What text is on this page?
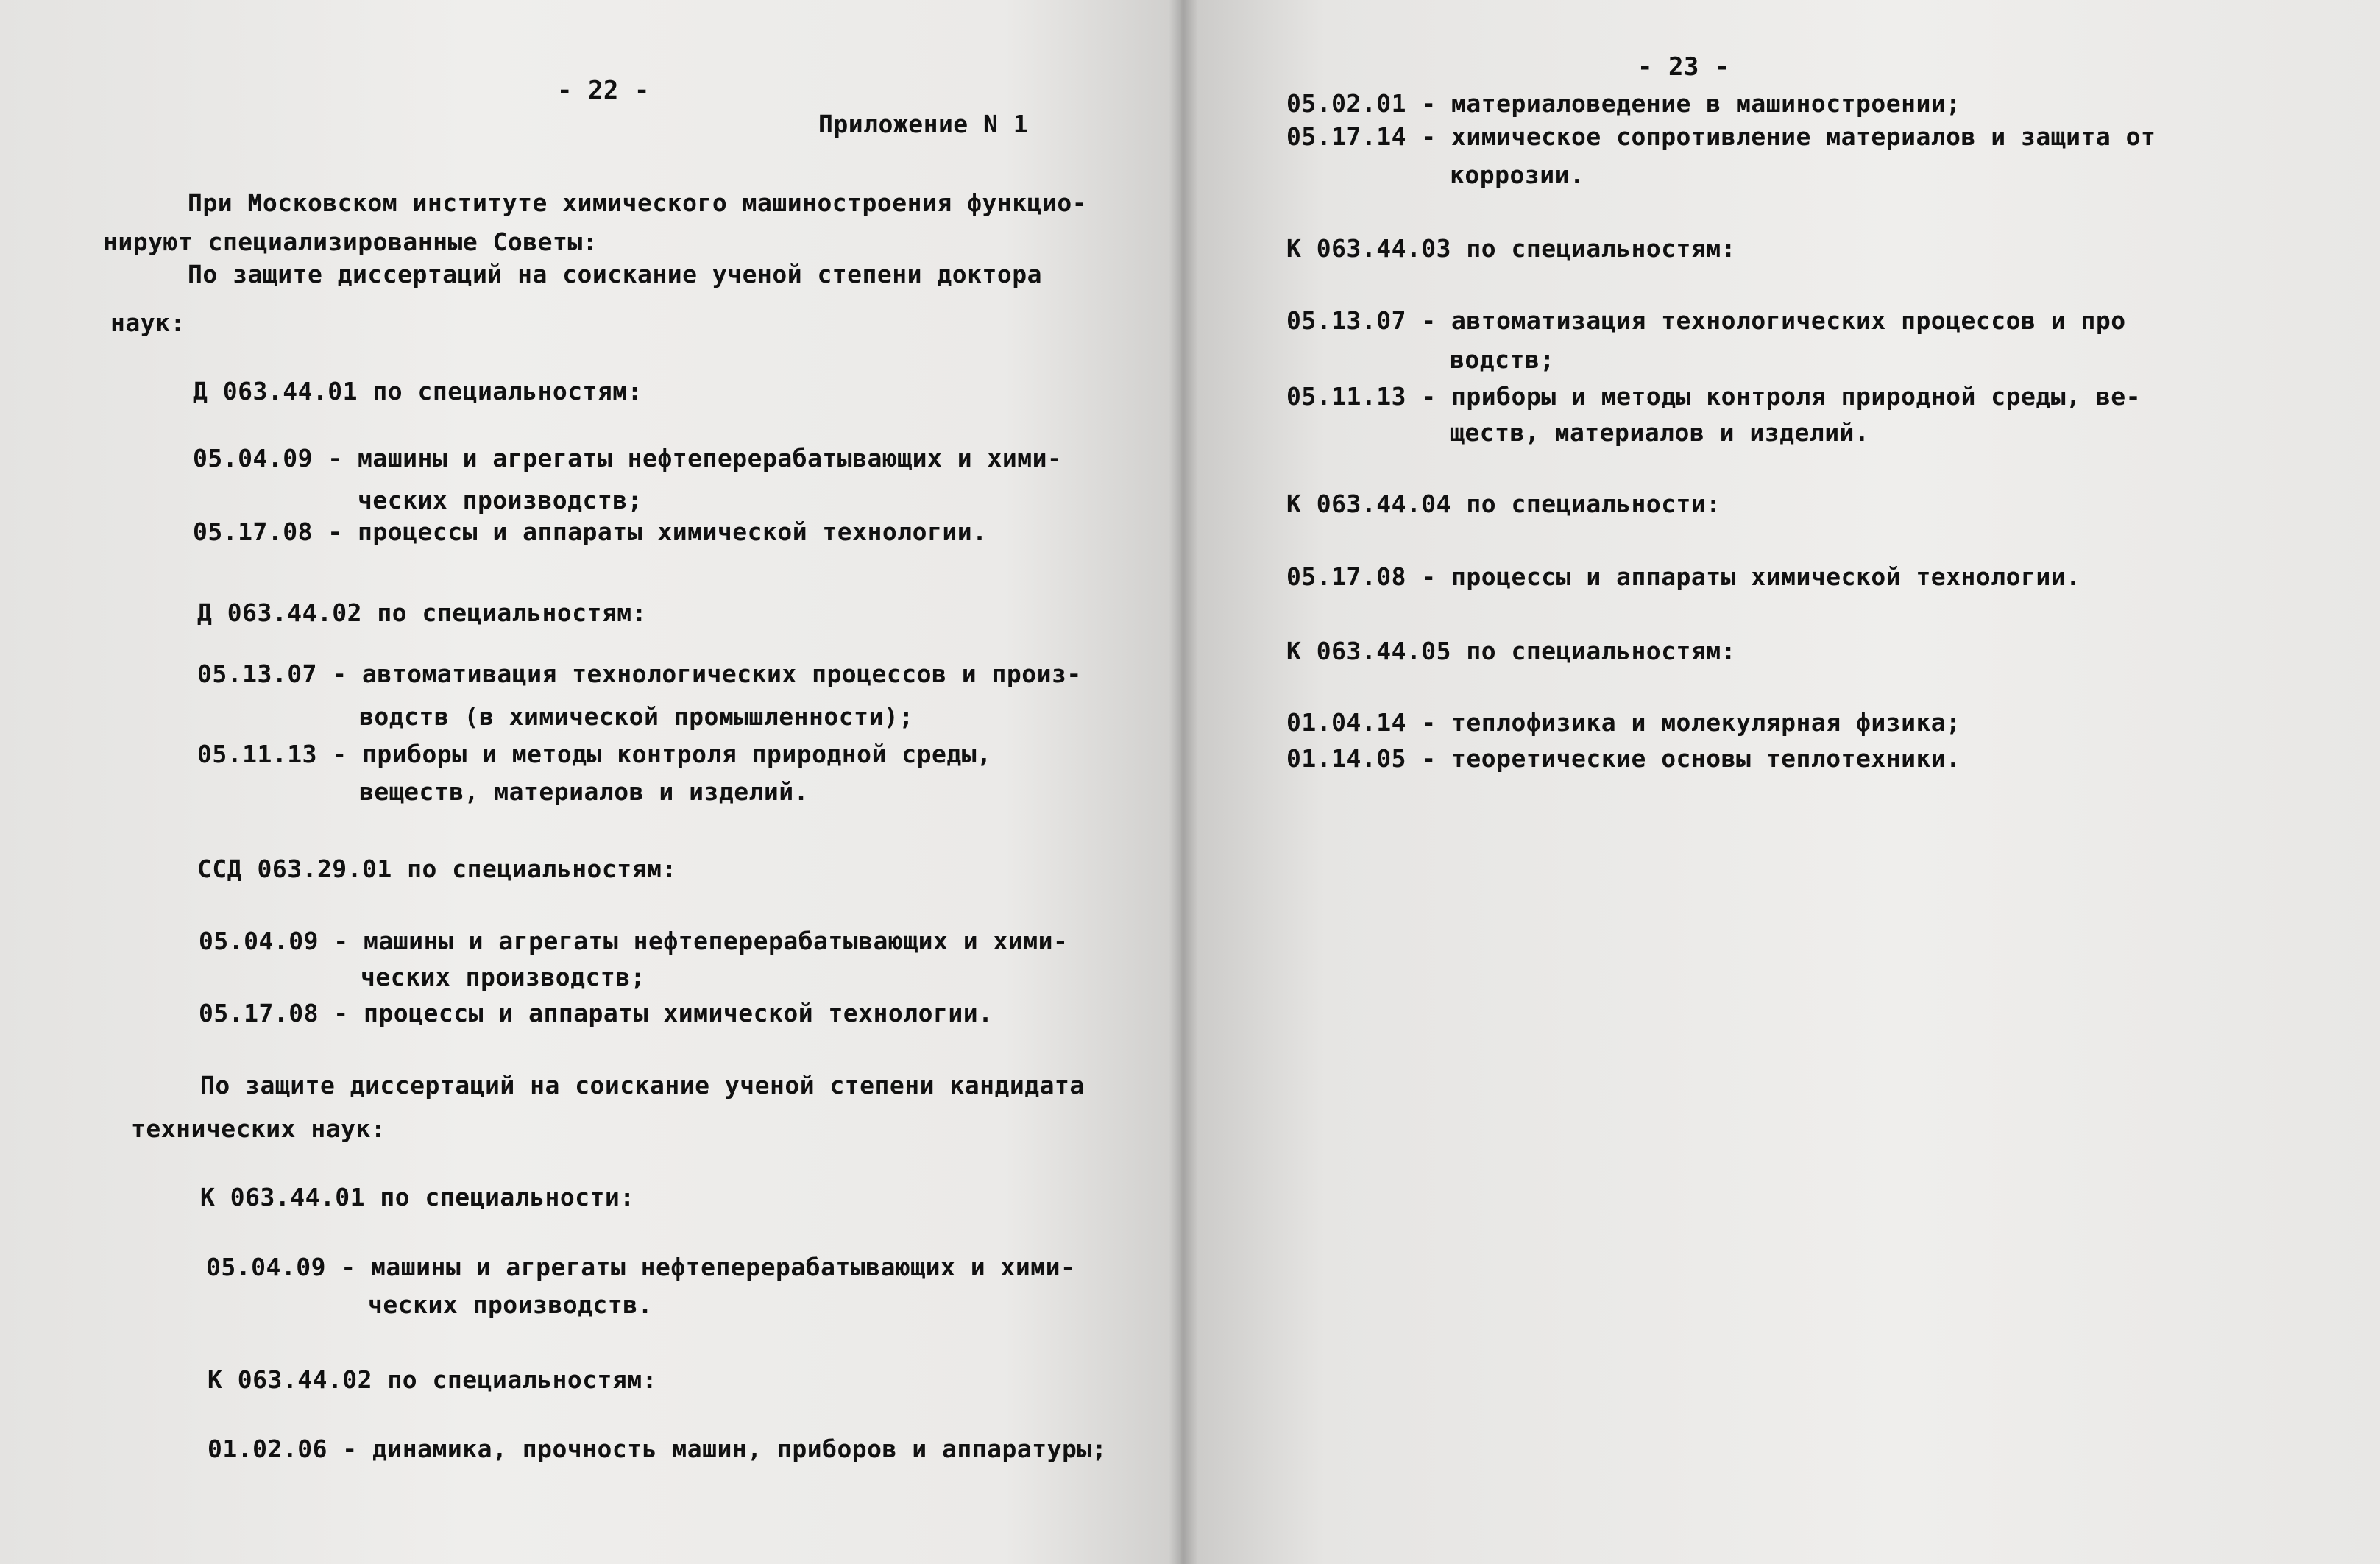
- 22 -
Приложение N 1
При Московском институте химического машиностроения функцио-
нируют специализированные Советы:
По защите диссертаций на соискание ученой степени доктора
наук:
Д 063.44.01 по специальностям:
05.04.09 - машины и агрегаты нефтеперерабатывающих и хими-
ческих производств;
05.17.08 - процессы и аппараты химической технологии.
Д 063.44.02 по специальностям:
05.13.07 - автомативация технологических процессов и произ-
водств (в химической промышленности);
05.11.13 - приборы и методы контроля природной среды,
веществ, материалов и изделий.
ССД 063.29.01 по специальностям:
05.04.09 - машины и агрегаты нефтеперерабатывающих и хими-
ческих производств;
05.17.08 - процессы и аппараты химической технологии.
По защите диссертаций на соискание ученой степени кандидата
технических наук:
К 063.44.01 по специальности:
05.04.09 - машины и агрегаты нефтеперерабатывающих и хими-
ческих производств.
К 063.44.02 по специальностям:
01.02.06 - динамика, прочность машин, приборов и аппаратуры;
- 23 -
05.02.01 - материаловедение в машиностроении;
05.17.14 - химическое сопротивление материалов и защита от
коррозии.
К 063.44.03 по специальностям:
05.13.07 - автоматизация технологических процессов и про
водств;
05.11.13 - приборы и методы контроля природной среды, ве-
ществ, материалов и изделий.
К 063.44.04 по специальности:
05.17.08 - процессы и аппараты химической технологии.
К 063.44.05 по специальностям:
01.04.14 - теплофизика и молекулярная физика;
01.14.05 - теоретические основы теплотехники.
